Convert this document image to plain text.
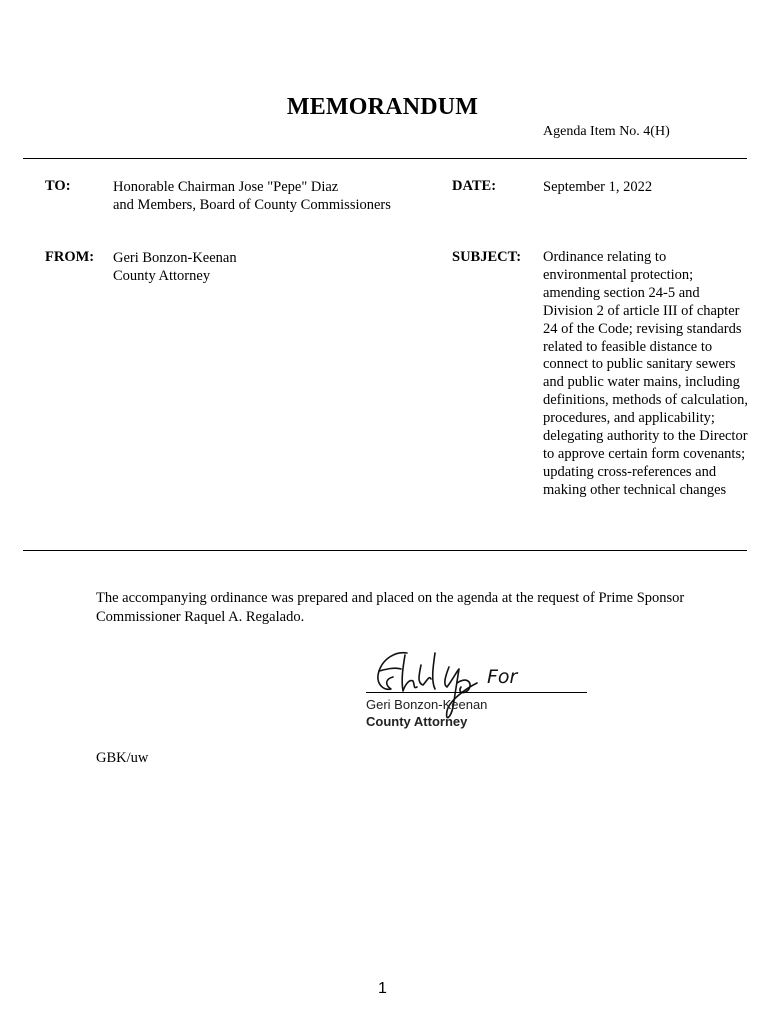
MEMORANDUM
Agenda Item No. 4(H)
TO:	Honorable Chairman Jose "Pepe" Diaz
and Members, Board of County Commissioners
DATE:	September 1, 2022
FROM: Geri Bonzon-Keenan
County Attorney
SUBJECT: Ordinance relating to environmental protection; amending section 24-5 and Division 2 of article III of chapter 24 of the Code; revising standards related to feasible distance to connect to public sanitary sewers and public water mains, including definitions, methods of calculation, procedures, and applicability; delegating authority to the Director to approve certain form covenants; updating cross-references and making other technical changes
The accompanying ordinance was prepared and placed on the agenda at the request of Prime Sponsor Commissioner Raquel A. Regalado.
For
Geri Bonzon-Keenan
County Attorney
GBK/uw
1
